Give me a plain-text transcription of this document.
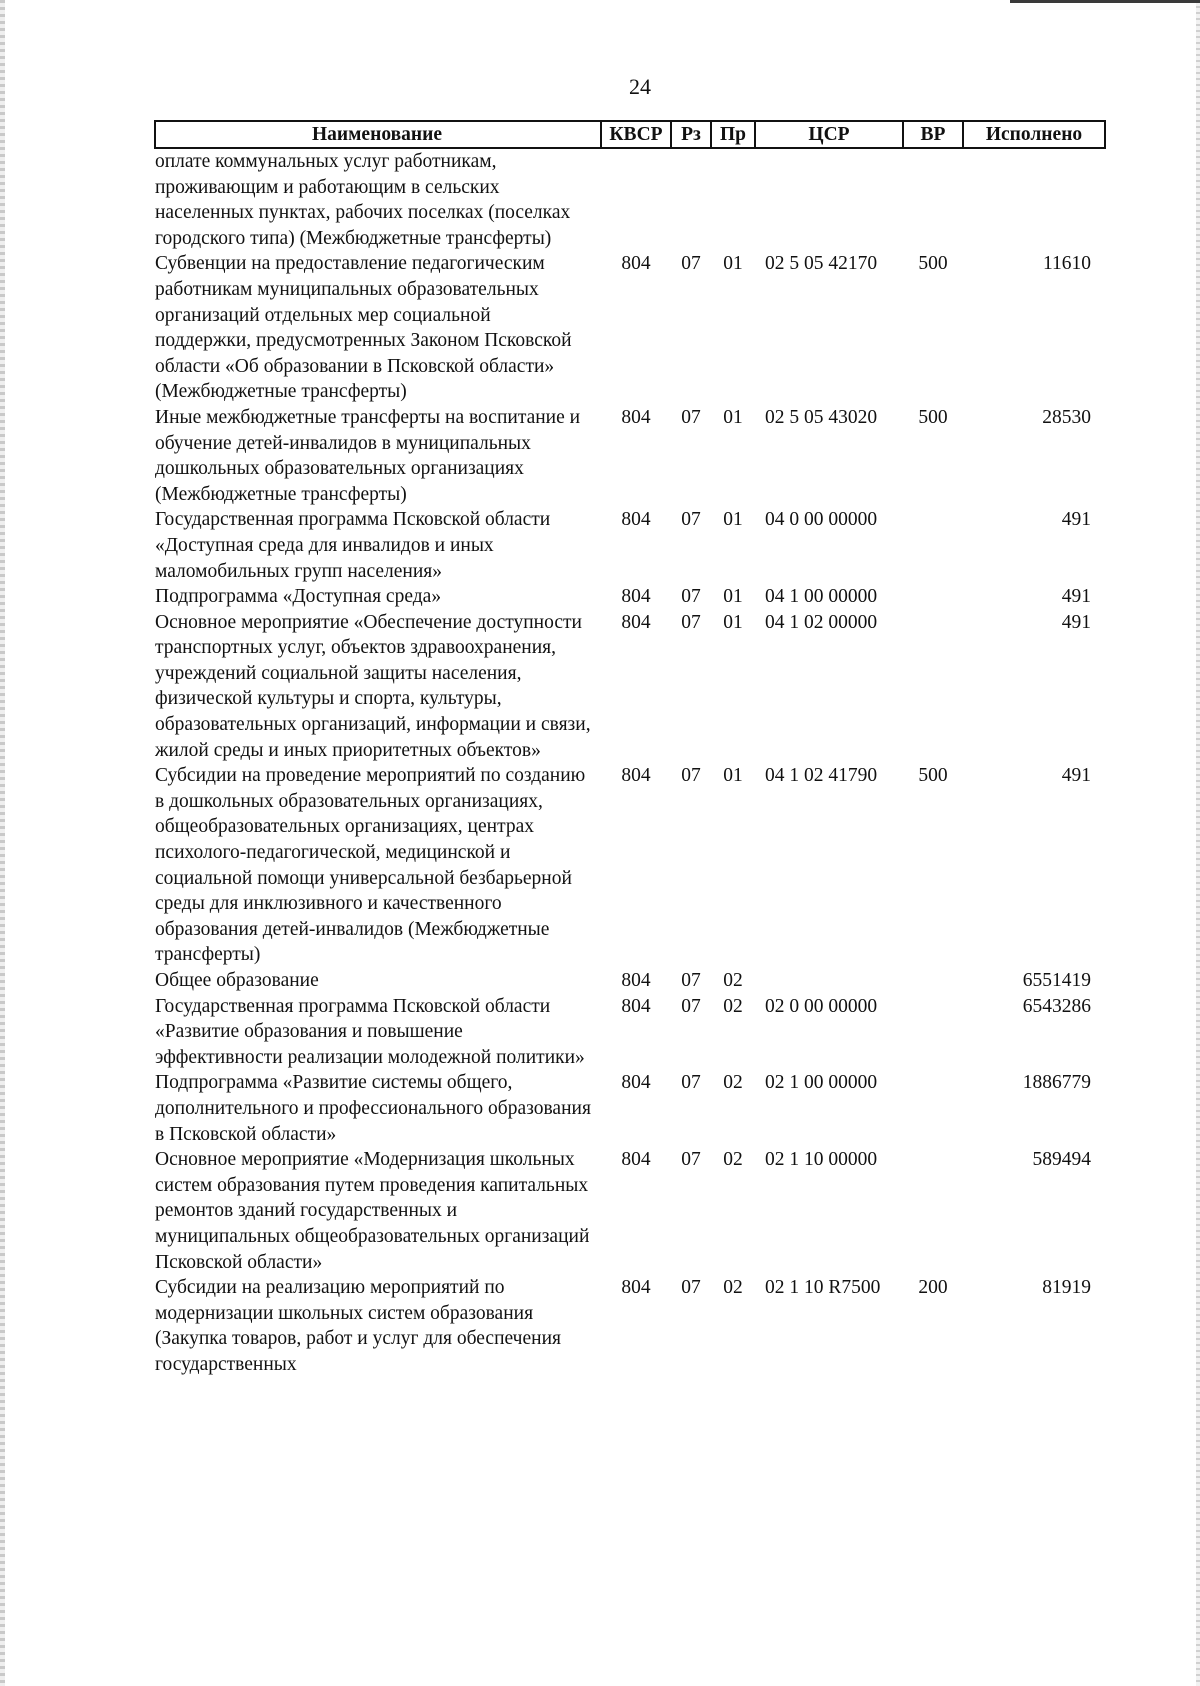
24
Наименование	КВСР	Рз	Пр	ЦСР	ВР	Исполнено
оплате коммунальных услуг работникам, проживающим и работающим в сельских населенных пунктах, рабочих поселках (поселках городского типа) (Межбюджетные трансферты)						
Субвенции на предоставление педагогическим работникам муниципальных образовательных организаций отдельных мер социальной поддержки, предусмотренных Законом Псковской области «Об образовании в Псковской области» (Межбюджетные трансферты)	804	07	01	02 5 05 42170	500	11610
Иные межбюджетные трансферты на воспитание и обучение детей-инвалидов в муниципальных дошкольных образовательных организациях (Межбюджетные трансферты)	804	07	01	02 5 05 43020	500	28530
Государственная программа Псковской области «Доступная среда для инвалидов и иных маломобильных групп населения»	804	07	01	04 0 00 00000		491
Подпрограмма «Доступная среда»	804	07	01	04 1 00 00000		491
Основное мероприятие «Обеспечение доступности транспортных услуг, объектов здравоохранения, учреждений социальной защиты населения, физической культуры и спорта, культуры, образовательных организаций, информации и связи, жилой среды и иных приоритетных объектов»	804	07	01	04 1 02 00000		491
Субсидии на проведение мероприятий по созданию в дошкольных образовательных организациях, общеобразовательных организациях, центрах психолого-педагогической, медицинской и социальной помощи универсальной безбарьерной среды для инклюзивного и качественного образования детей-инвалидов (Межбюджетные трансферты)	804	07	01	04 1 02 41790	500	491
Общее образование	804	07	02			6551419
Государственная программа Псковской области «Развитие образования и повышение эффективности реализации молодежной политики»	804	07	02	02 0 00 00000		6543286
Подпрограмма «Развитие системы общего, дополнительного и профессионального образования в Псковской области»	804	07	02	02 1 00 00000		1886779
Основное мероприятие «Модернизация школьных систем образования путем проведения капитальных ремонтов зданий государственных и муниципальных общеобразовательных организаций Псковской области»	804	07	02	02 1 10 00000		589494
Субсидии на реализацию мероприятий по модернизации школьных систем образования (Закупка товаров, работ и услуг для обеспечения государственных	804	07	02	02 1 10 R7500	200	81919
